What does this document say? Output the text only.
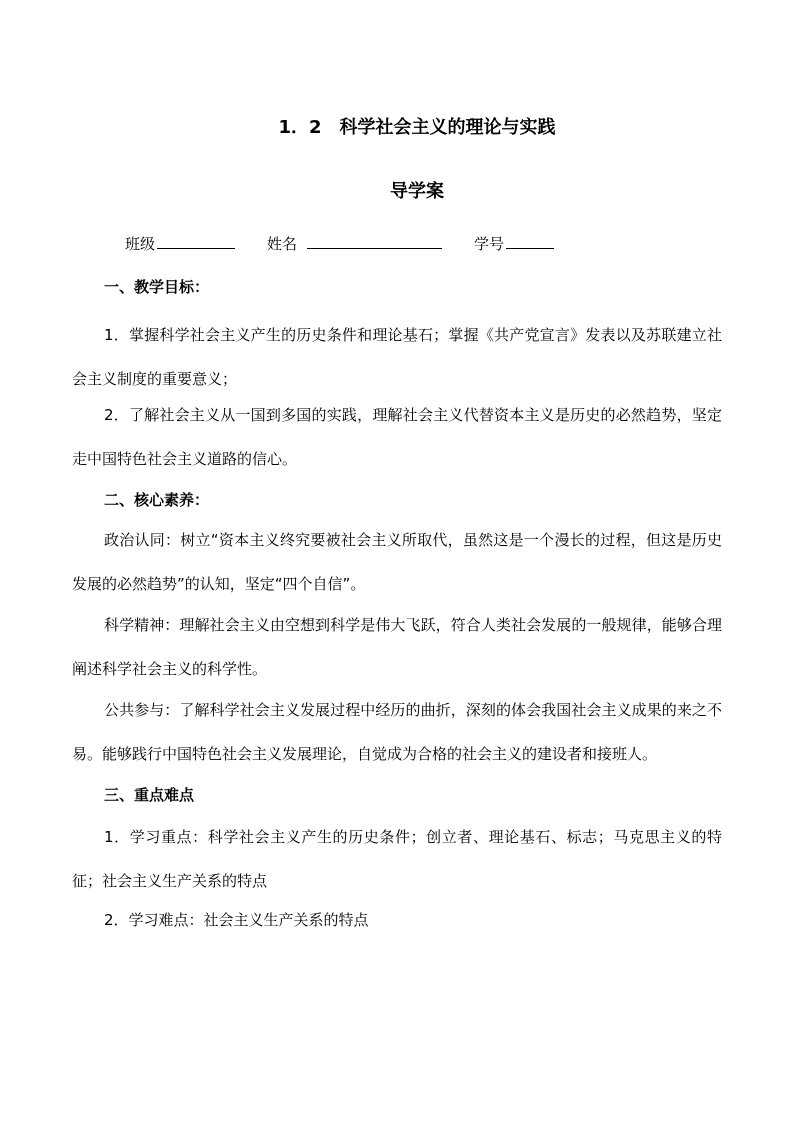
1．2　科学社会主义的理论与实践
导学案
班级	姓名	学号
一、教学目标：

1．掌握科学社会主义产生的历史条件和理论基石；掌握《共产党宣言》发表以及苏联建立社会主义制度的重要意义；

2．了解社会主义从一国到多国的实践，理解社会主义代替资本主义是历史的必然趋势，坚定走中国特色社会主义道路的信心。

二、核心素养：

政治认同：树立“资本主义终究要被社会主义所取代，虽然这是一个漫长的过程，但这是历史发展的必然趋势”的认知，坚定“四个自信”。

科学精神：理解社会主义由空想到科学是伟大飞跃，符合人类社会发展的一般规律，能够合理阐述科学社会主义的科学性。

公共参与：了解科学社会主义发展过程中经历的曲折，深刻的体会我国社会主义成果的来之不易。能够践行中国特色社会主义发展理论，自觉成为合格的社会主义的建设者和接班人。

三、重点难点

1．学习重点：科学社会主义产生的历史条件；创立者、理论基石、标志；马克思主义的特征；社会主义生产关系的特点

2．学习难点：社会主义生产关系的特点
